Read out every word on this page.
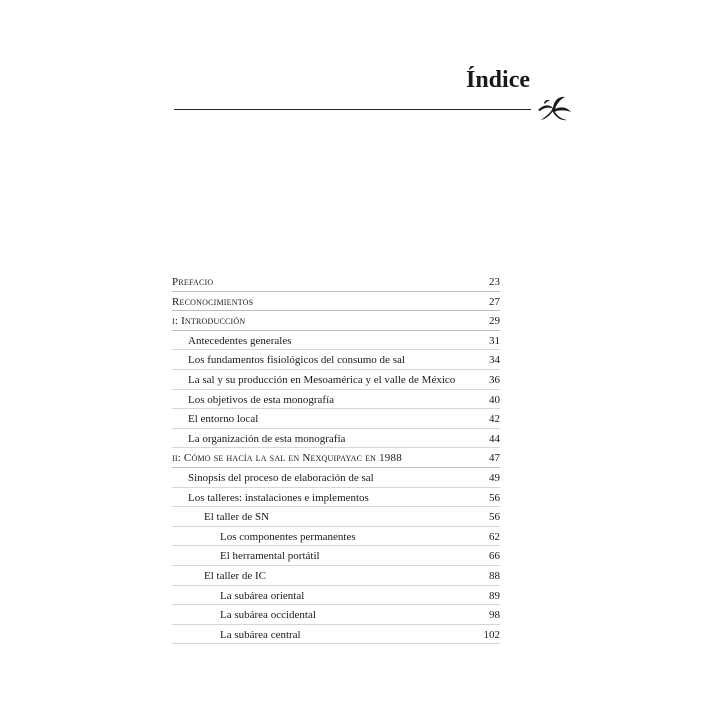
Índice
Prefacio	23
Reconocimientos	27
i: Introducción	29
Antecedentes generales	31
Los fundamentos fisiológicos del consumo de sal	34
La sal y su producción en Mesoamérica y el valle de México	36
Los objetivos de esta monografía	40
El entorno local	42
La organización de esta monografía	44
ii: Cómo se hacía la sal en Nexquipayac en 1988	47
Sinopsis del proceso de elaboración de sal	49
Los talleres: instalaciones e implementos	56
El taller de SN	56
Los componentes permanentes	62
El herramental portátil	66
El taller de IC	88
La subárea oriental	89
La subárea occidental	98
La subárea central	102
